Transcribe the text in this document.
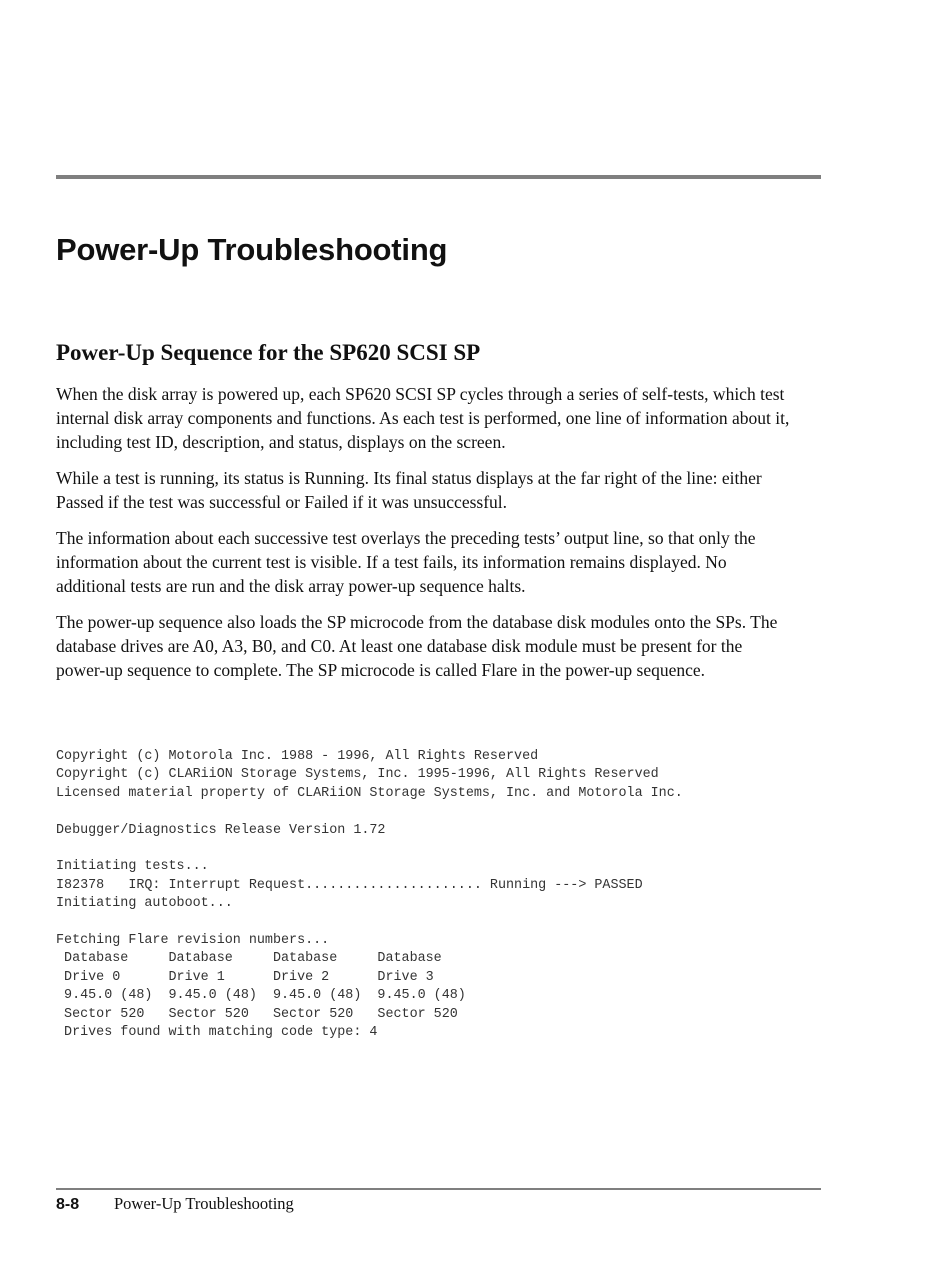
Power-Up Troubleshooting
Power-Up Sequence for the SP620 SCSI SP

When the disk array is powered up, each SP620 SCSI SP cycles through a series of self-tests, which test internal disk array components and functions. As each test is performed, one line of information about it, including test ID, description, and status, displays on the screen.

While a test is running, its status is Running. Its final status displays at the far right of the line: either Passed if the test was successful or Failed if it was unsuccessful.

The information about each successive test overlays the preceding tests’ output line, so that only the information about the current test is visible. If a test fails, its information remains displayed. No additional tests are run and the disk array power-up sequence halts.

The power-up sequence also loads the SP microcode from the database disk modules onto the SPs. The database drives are A0, A3, B0, and C0. At least one database disk module must be present for the power-up sequence to complete. The SP microcode is called Flare in the power-up sequence.

Copyright (c) Motorola Inc. 1988 - 1996, All Rights Reserved
Copyright (c) CLARiiON Storage Systems, Inc. 1995-1996, All Rights Reserved
Licensed material property of CLARiiON Storage Systems, Inc. and Motorola Inc.
Debugger/Diagnostics Release Version 1.72
Initiating tests...
I82378   IRQ: Interrupt Request...................... Running ---> PASSED
Initiating autoboot...
Fetching Flare revision numbers...
Database     Database     Database     Database
Drive 0      Drive 1      Drive 2      Drive 3
9.45.0 (48)  9.45.0 (48)  9.45.0 (48)  9.45.0 (48)
Sector 520   Sector 520   Sector 520   Sector 520
Drives found with matching code type: 4
8-8 Power-Up Troubleshooting
